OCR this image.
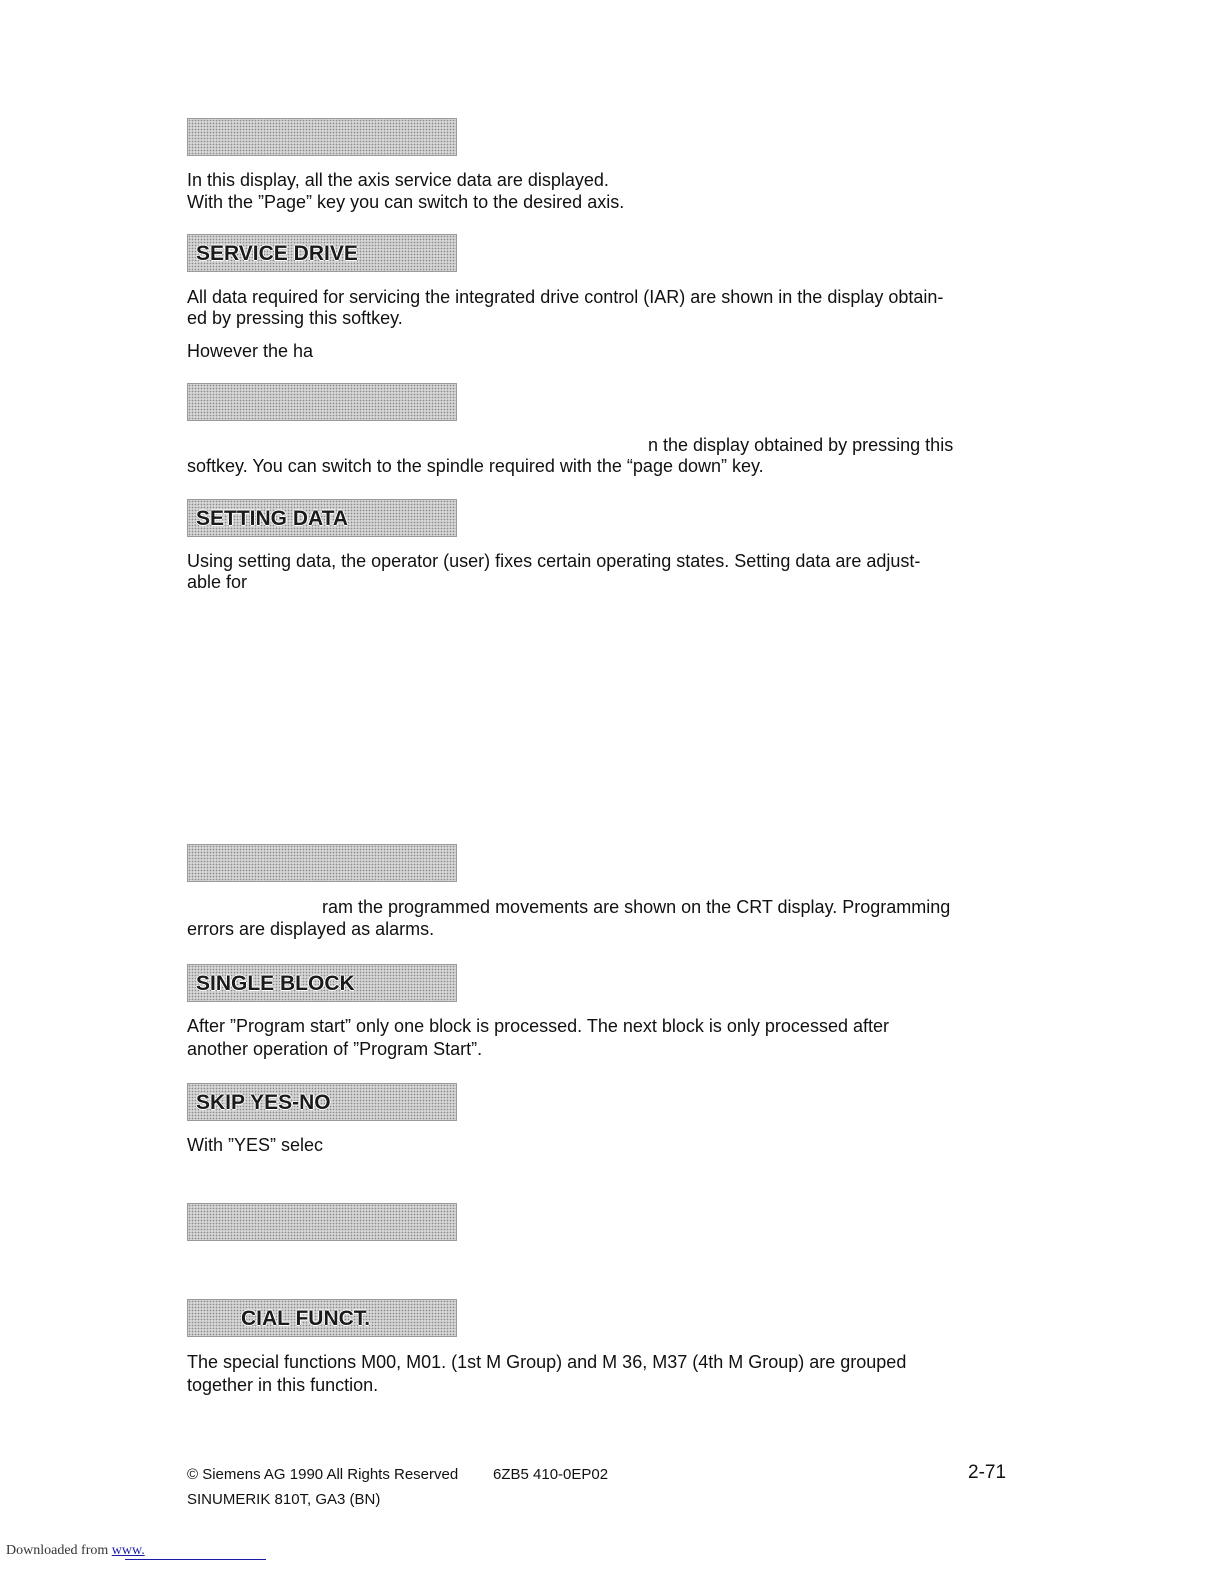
In this display, all the axis service data are displayed.

With the ”Page” key you can switch to the desired axis.

SERVICE DRIVE

All data required for servicing the integrated drive control (IAR) are shown in the display obtain-

ed by pressing this softkey.

However the ha

n the display obtained by pressing this

softkey. You can switch to the spindle required with the “page down” key.

SETTING DATA

Using setting data, the operator (user) fixes certain operating states. Setting data are adjust-

able for

ram the programmed movements are shown on the CRT display. Programming

errors are displayed as alarms.

SINGLE BLOCK

After ”Program start” only one block is processed. The next block is only processed after

another operation of ”Program Start”.

SKIP YES-NO

With ”YES” selec

CIAL FUNCT.

The special functions M00, M01. (1st M Group) and M 36, M37 (4th M Group) are grouped

together in this function.

© Siemens AG 1990 All Rights Reserved 6ZB5 410-0EP02
SINUMERIK 810T, GA3 (BN)
2-71
Downloaded from www.
